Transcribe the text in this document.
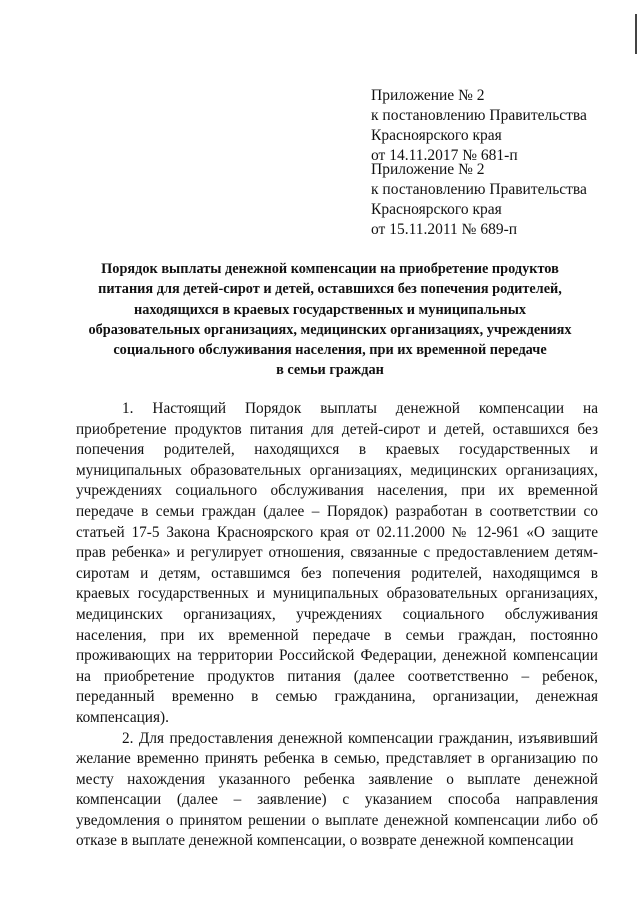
Приложение № 2
к постановлению Правительства
Красноярского края
от 14.11.2017 № 681-п
Приложение № 2
к постановлению Правительства
Красноярского края
от 15.11.2011 № 689-п
Порядок выплаты денежной компенсации на приобретение продуктов
питания для детей-сирот и детей, оставшихся без попечения родителей,
находящихся в краевых государственных и муниципальных
образовательных организациях, медицинских организациях, учреждениях
социального обслуживания населения, при их временной передаче
в семьи граждан

1. Настоящий Порядок выплаты денежной компенсации на приобретение продуктов питания для детей-сирот и детей, оставшихся без попечения родителей, находящихся в краевых государственных и муниципальных образовательных организациях, медицинских организациях, учреждениях социального обслуживания населения, при их временной передаче в семьи граждан (далее – Порядок) разработан в соответствии со статьей 17-5 Закона Красноярского края от 02.11.2000 № 12-961 «О защите прав ребенка» и регулирует отношения, связанные с предоставлением детям-сиротам и детям, оставшимся без попечения родителей, находящимся в краевых государственных и муниципальных образовательных организациях, медицинских организациях, учреждениях социального обслуживания населения, при их временной передаче в семьи граждан, постоянно проживающих на территории Российской Федерации, денежной компенсации на приобретение продуктов питания (далее соответственно – ребенок, переданный временно в семью гражданина, организации, денежная компенсация).

2. Для предоставления денежной компенсации гражданин, изъявивший желание временно принять ребенка в семью, представляет в организацию по месту нахождения указанного ребенка заявление о выплате денежной компенсации (далее – заявление) с указанием способа направления уведомления о принятом решении о выплате денежной компенсации либо об отказе в выплате денежной компенсации, о возврате денежной компенсации
